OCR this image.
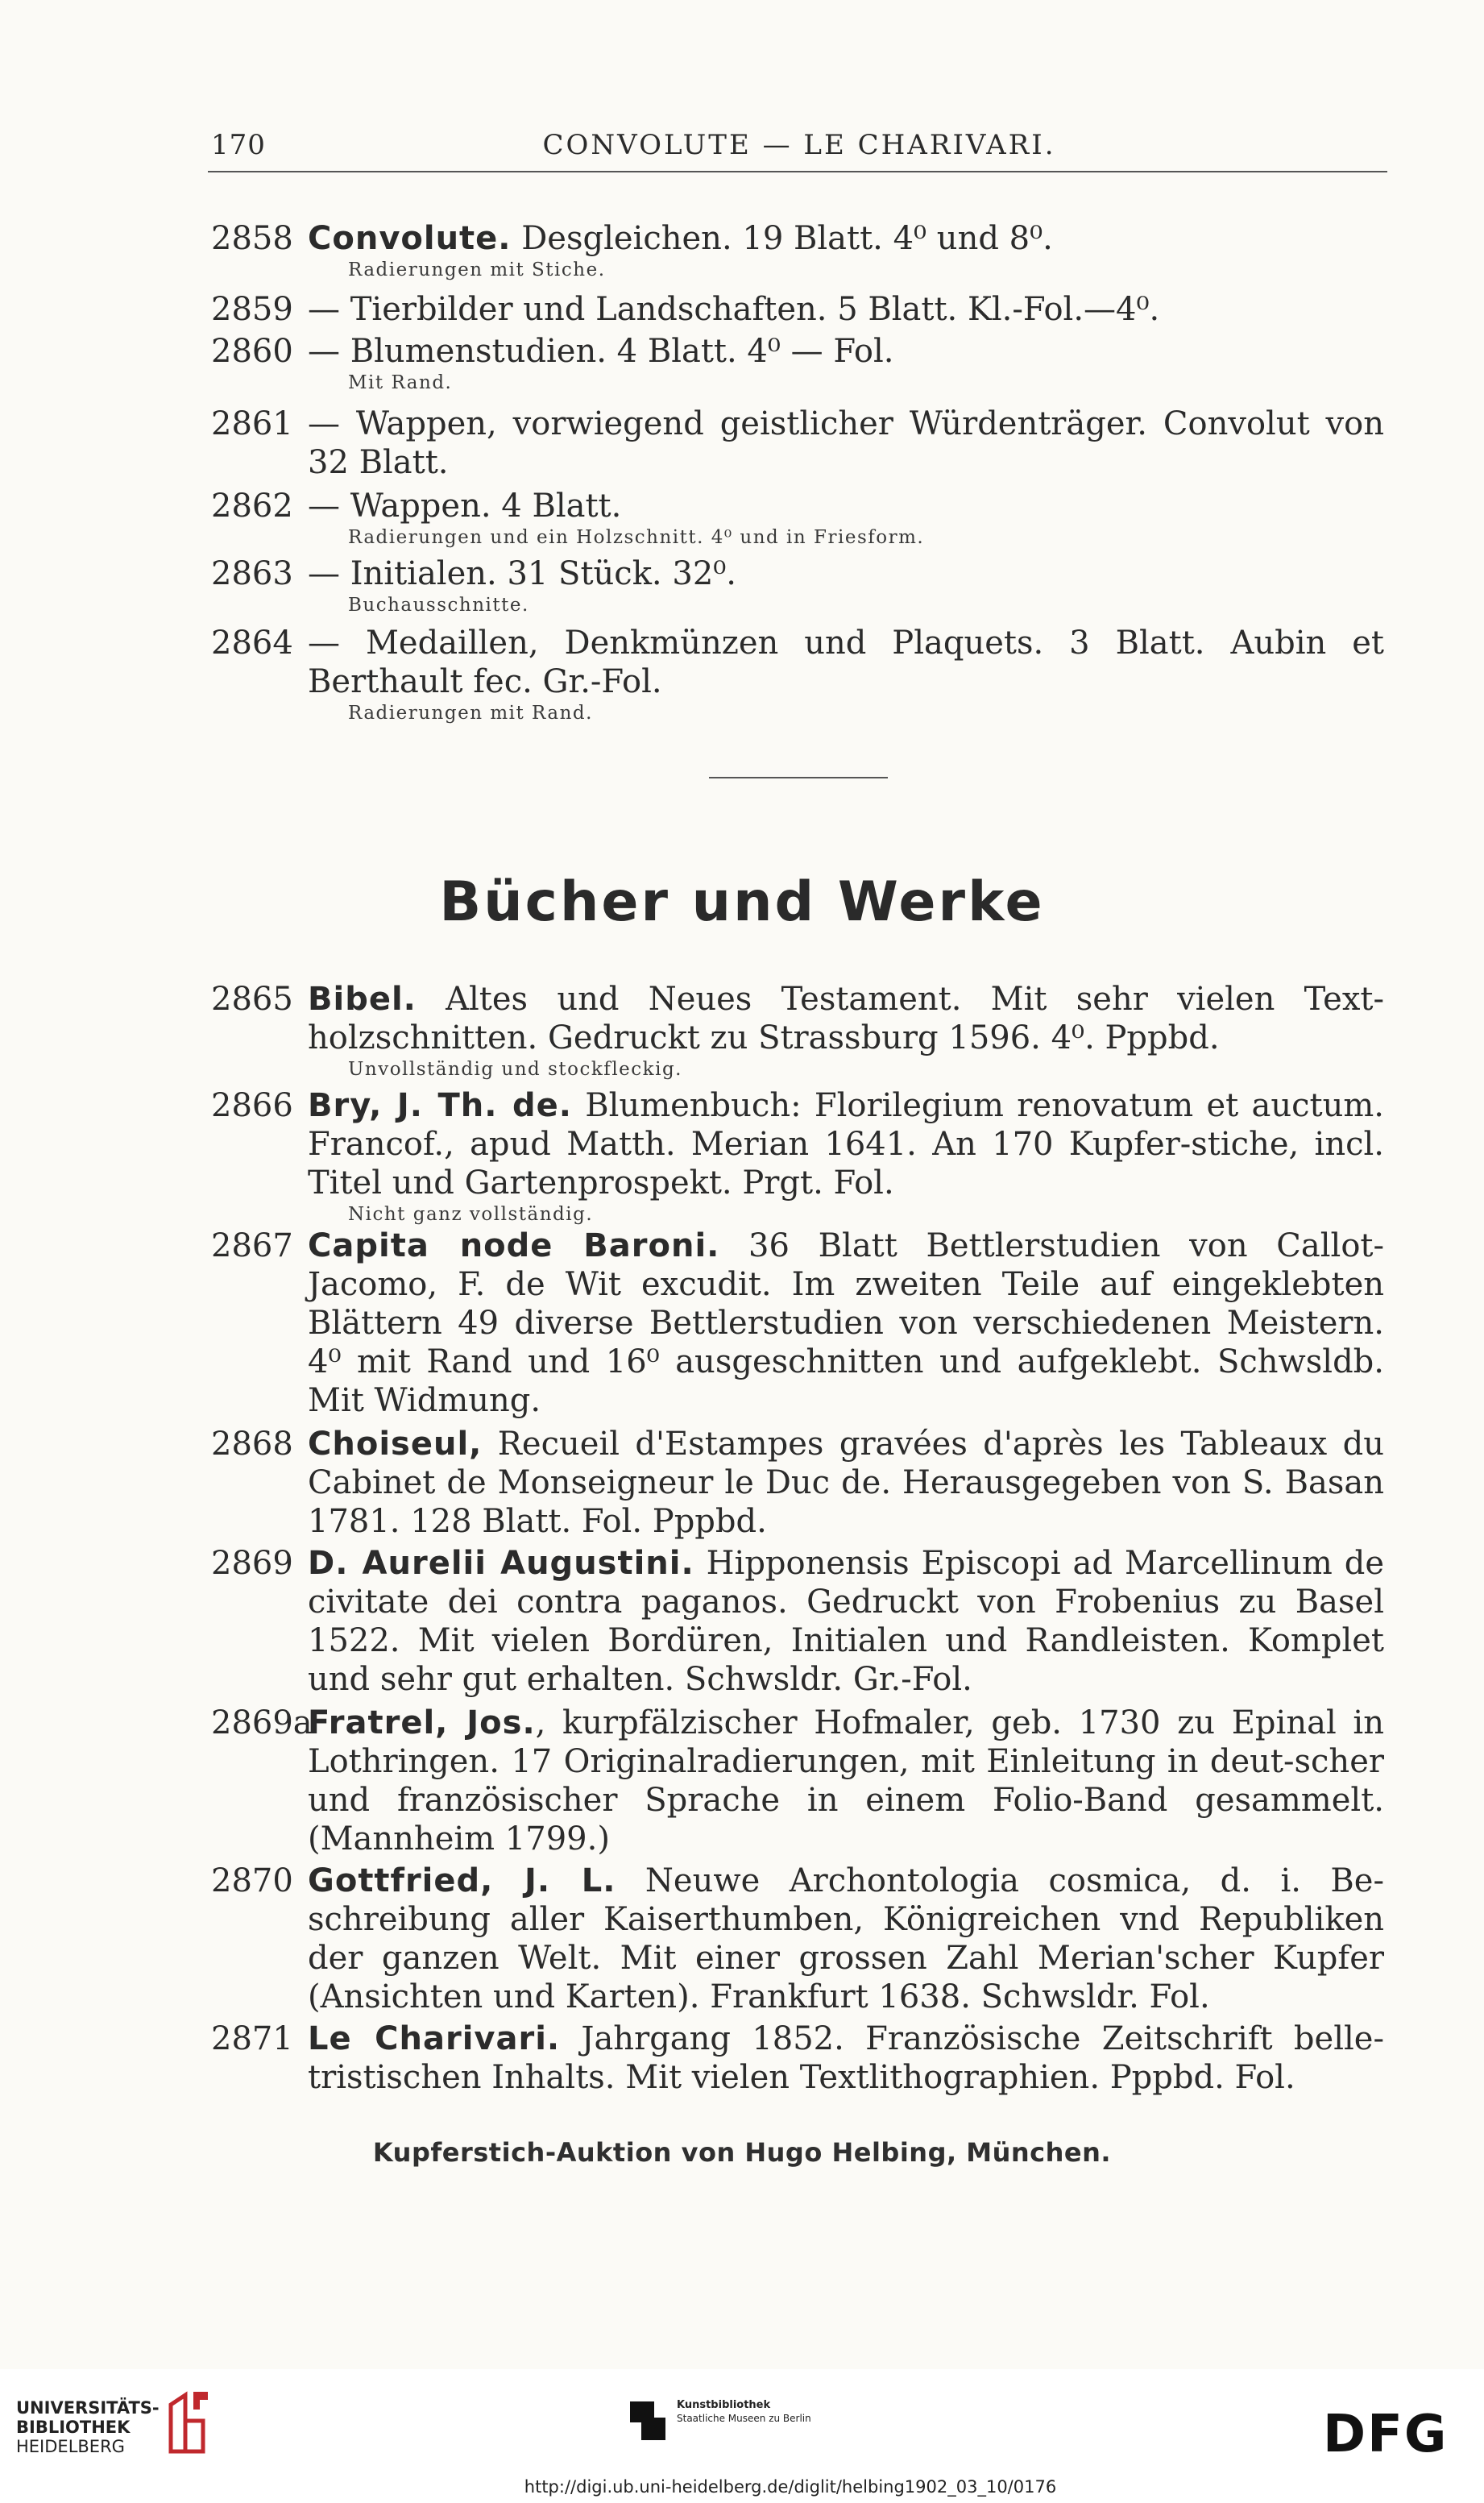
170	CONVOLUTE — LE CHARIVARI.
2858 Convolute. Desgleichen. 19 Blatt. 4⁰ und 8⁰.
Radierungen mit Stiche.
2859 — Tierbilder und Landschaften. 5 Blatt. Kl.-Fol.—4⁰.
2860 — Blumenstudien. 4 Blatt. 4⁰ — Fol.
Mit Rand.
2861 — Wappen, vorwiegend geistlicher Würdenträger. Convolut von 32 Blatt.
2862 — Wappen. 4 Blatt.
Radierungen und ein Holzschnitt. 4⁰ und in Friesform.
2863 — Initialen. 31 Stück. 32⁰.
Buchausschnitte.
2864 — Medaillen, Denkmünzen und Plaquets. 3 Blatt. Aubin et Berthault fec. Gr.-Fol.
Radierungen mit Rand.
Bücher und Werke
2865 Bibel. Altes und Neues Testament. Mit sehr vielen Text-holzschnitten. Gedruckt zu Strassburg 1596. 4⁰. Pppbd.
Unvollständig und stockfleckig.
2866 Bry, J. Th. de. Blumenbuch: Florilegium renovatum et auctum. Francof., apud Matth. Merian 1641. An 170 Kupfer-stiche, incl. Titel und Gartenprospekt. Prgt. Fol.
Nicht ganz vollständig.
2867 Capita node Baroni. 36 Blatt Bettlerstudien von Callot-Jacomo, F. de Wit excudit. Im zweiten Teile auf eingeklebten Blättern 49 diverse Bettlerstudien von verschiedenen Meistern. 4⁰ mit Rand und 16⁰ ausgeschnitten und aufgeklebt. Schwsldb. Mit Widmung.
2868 Choiseul, Recueil d'Estampes gravées d'après les Tableaux du Cabinet de Monseigneur le Duc de. Herausgegeben von S. Basan 1781. 128 Blatt. Fol. Pppbd.
2869 D. Aurelii Augustini. Hipponensis Episcopi ad Marcellinum de civitate dei contra paganos. Gedruckt von Frobenius zu Basel 1522. Mit vielen Bordüren, Initialen und Randleisten. Komplet und sehr gut erhalten. Schwsldr. Gr.-Fol.
2869a
Fratrel, Jos., kurpfälzischer Hofmaler, geb. 1730 zu Epinal in Lothringen. 17 Originalradierungen, mit Einleitung in deut-scher und französischer Sprache in einem Folio-Band gesammelt. (Mannheim 1799.)
2870 Gottfried, J. L. Neuwe Archontologia cosmica, d. i. Be-schreibung aller Kaiserthumben, Königreichen vnd Republiken der ganzen Welt. Mit einer grossen Zahl Merian'scher Kupfer (Ansichten und Karten). Frankfurt 1638. Schwsldr. Fol.
2871 Le Charivari. Jahrgang 1852. Französische Zeitschrift belle-tristischen Inhalts. Mit vielen Textlithographien. Pppbd. Fol.
Kupferstich-Auktion von Hugo Helbing, München.
UNIVERSITÄTS-
BIBLIOTHEK
HEIDELBERG
Kunstbibliothek
Staatliche Museen zu Berlin	DFG
http://digi.ub.uni-heidelberg.de/diglit/helbing1902_03_10/0176
